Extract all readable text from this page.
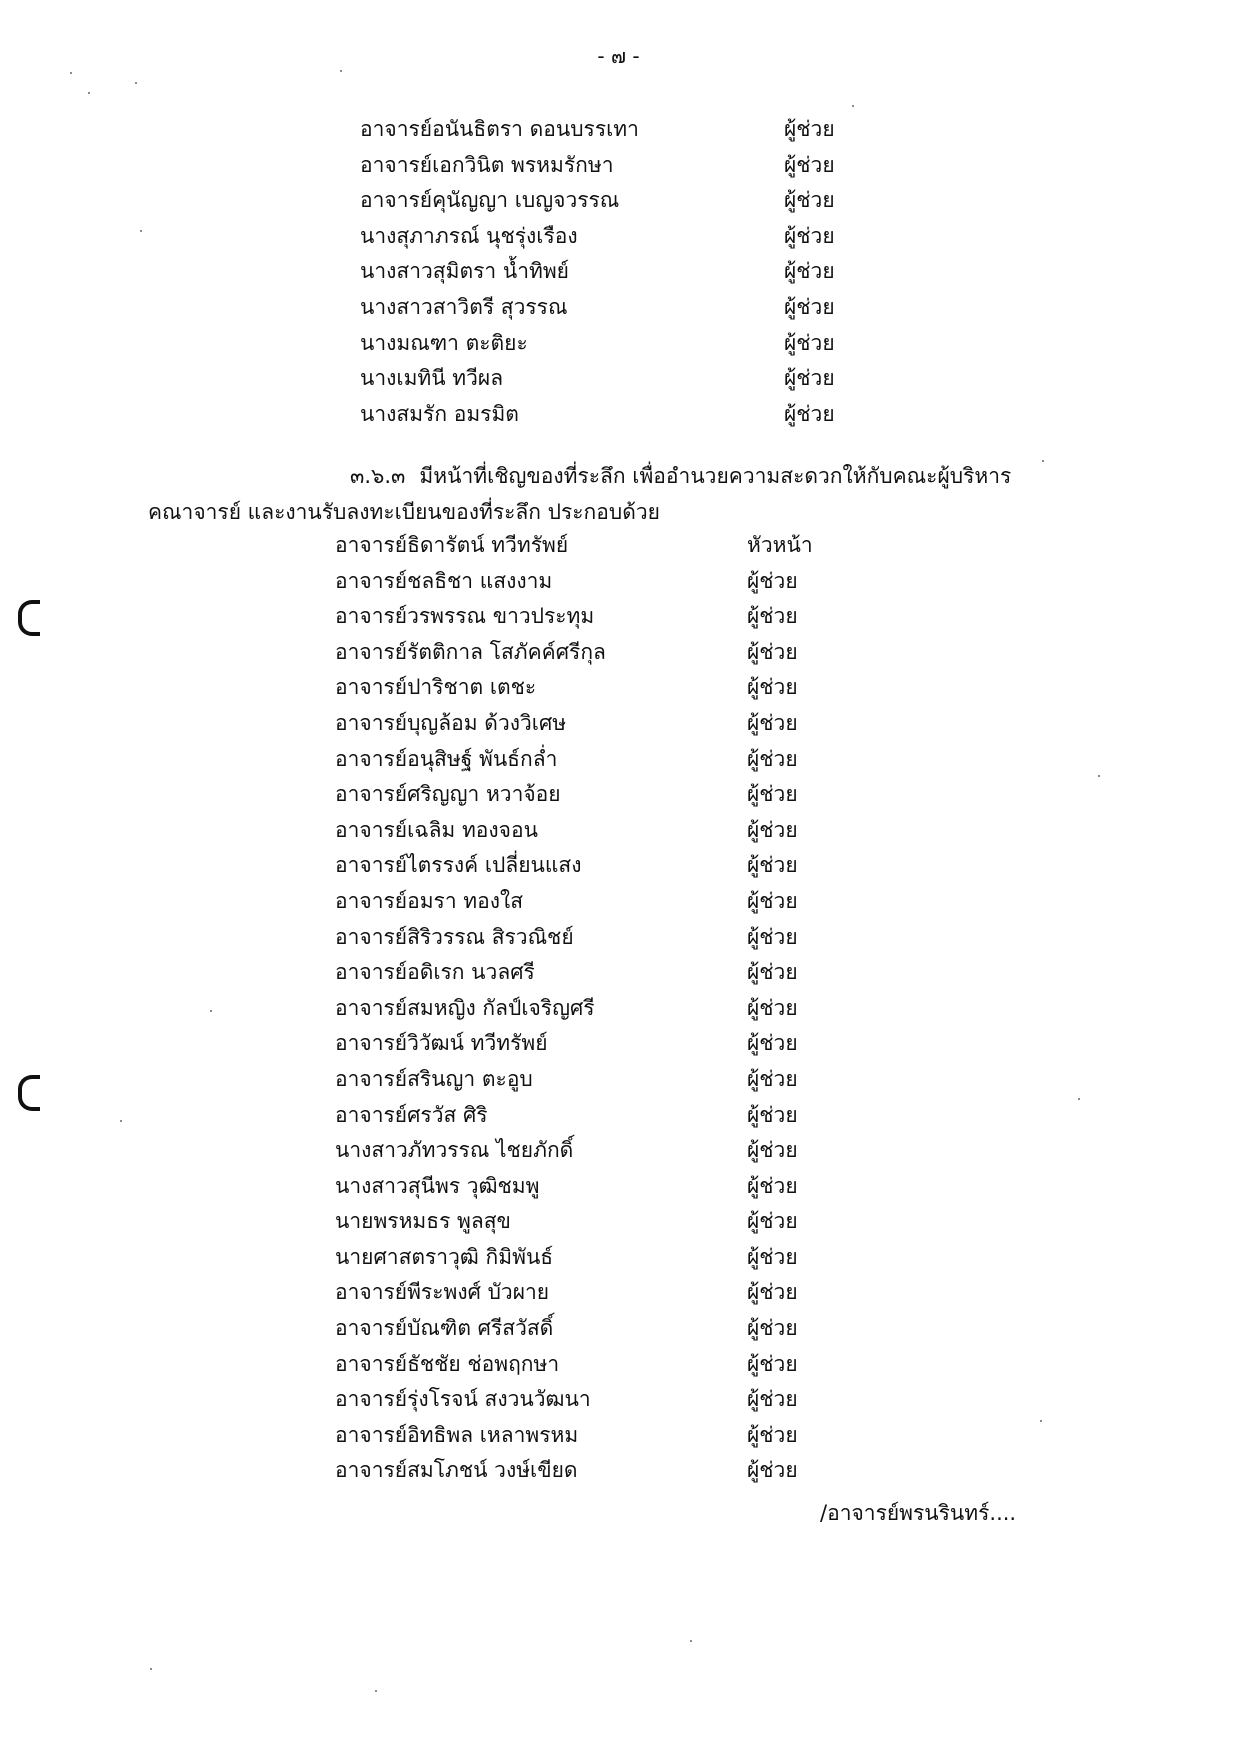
- ๗ -
อาจารย์อนันธิตรา ดอนบรรเทา	ผู้ช่วย
อาจารย์เอกวินิต พรหมรักษา	ผู้ช่วย
อาจารย์คุนัญญา เบญจวรรณ	ผู้ช่วย
นางสุภาภรณ์ นุชรุ่งเรือง	ผู้ช่วย
นางสาวสุมิตรา น้ำทิพย์	ผู้ช่วย
นางสาวสาวิตรี สุวรรณ	ผู้ช่วย
นางมณฑา ตะติยะ	ผู้ช่วย
นางเมทินี ทวีผล	ผู้ช่วย
นางสมรัก อมรมิต	ผู้ช่วย
๓.๖.๓ มีหน้าที่เชิญของที่ระลึก เพื่ออำนวยความสะดวกให้กับคณะผู้บริหาร
คณาจารย์ และงานรับลงทะเบียนของที่ระลึก ประกอบด้วย
อาจารย์ธิดารัตน์ ทวีทรัพย์	หัวหน้า
อาจารย์ชลธิชา แสงงาม	ผู้ช่วย
อาจารย์วรพรรณ ขาวประทุม	ผู้ช่วย
อาจารย์รัตติกาล โสภัคค์ศรีกุล	ผู้ช่วย
อาจารย์ปาริชาต เตชะ	ผู้ช่วย
อาจารย์บุญล้อม ด้วงวิเศษ	ผู้ช่วย
อาจารย์อนุสิษฐ์ พันธ์กล่ำ	ผู้ช่วย
อาจารย์ศริญญา หวาจ้อย	ผู้ช่วย
อาจารย์เฉลิม ทองจอน	ผู้ช่วย
อาจารย์ไตรรงค์ เปลี่ยนแสง	ผู้ช่วย
อาจารย์อมรา ทองใส	ผู้ช่วย
อาจารย์สิริวรรณ สิรวณิชย์	ผู้ช่วย
อาจารย์อดิเรก นวลศรี	ผู้ช่วย
อาจารย์สมหญิง กัลป์เจริญศรี	ผู้ช่วย
อาจารย์วิวัฒน์ ทวีทรัพย์	ผู้ช่วย
อาจารย์สรินญา ตะอูบ	ผู้ช่วย
อาจารย์ศรวัส ศิริ	ผู้ช่วย
นางสาวภัทวรรณ ไชยภักดิ์	ผู้ช่วย
นางสาวสุนีพร วุฒิชมพู	ผู้ช่วย
นายพรหมธร พูลสุข	ผู้ช่วย
นายศาสตราวุฒิ กิมิพันธ์	ผู้ช่วย
อาจารย์พีระพงศ์ บัวผาย	ผู้ช่วย
อาจารย์บัณฑิต ศรีสวัสดิ์	ผู้ช่วย
อาจารย์ธัชชัย ช่อพฤกษา	ผู้ช่วย
อาจารย์รุ่งโรจน์ สงวนวัฒนา	ผู้ช่วย
อาจารย์อิทธิพล เหลาพรหม	ผู้ช่วย
อาจารย์สมโภชน์ วงษ์เขียด	ผู้ช่วย
/อาจารย์พรนรินทร์....
